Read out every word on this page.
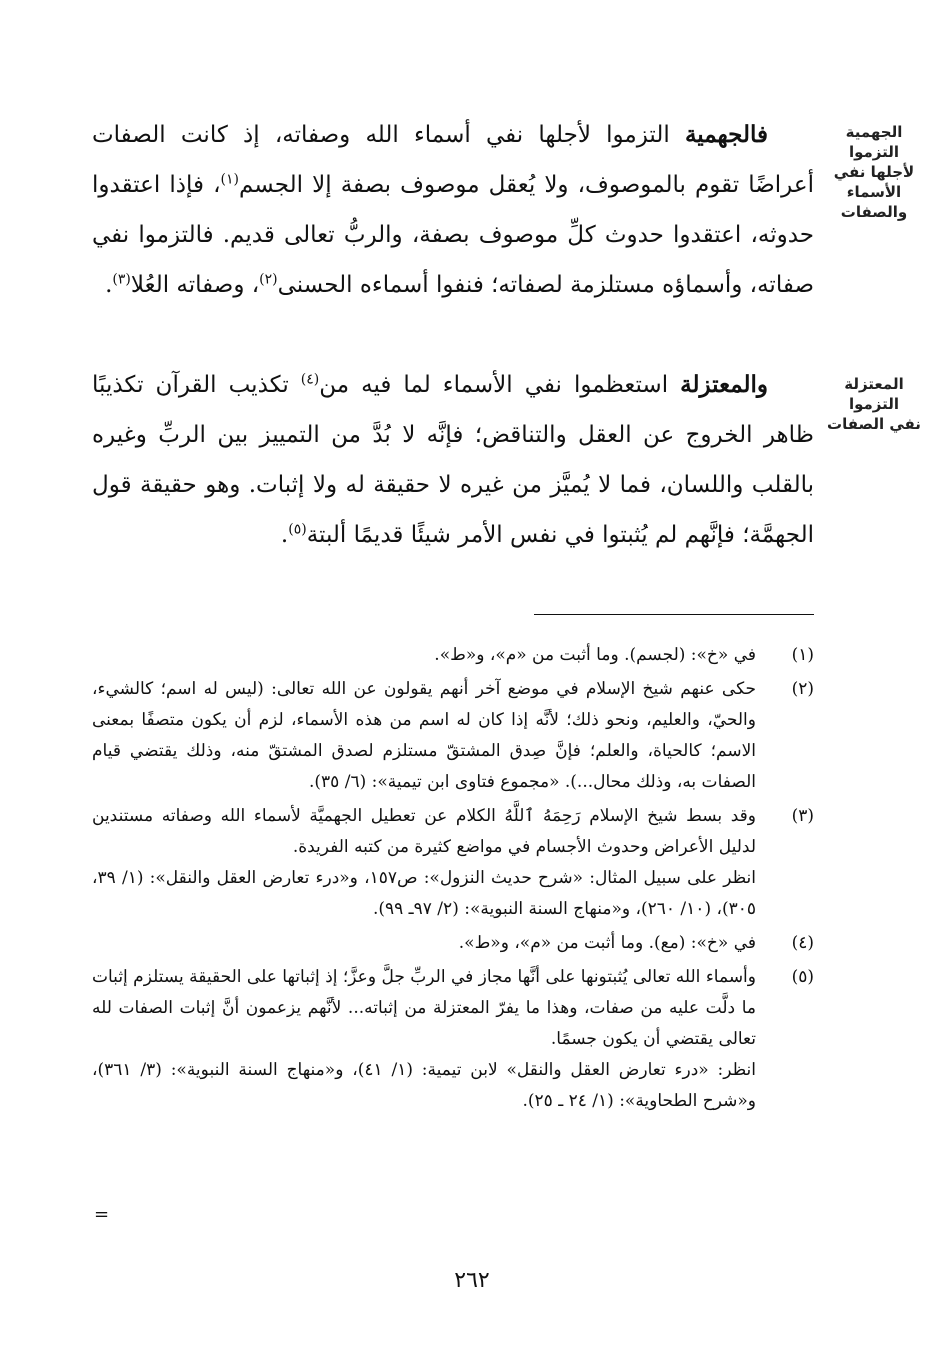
الجهمية التزموا
لأجلها نفي
الأسماء والصفات
المعتزلة التزموا
نفي الصفات

  فالجهمية التزموا لأجلها نفي أسماء الله وصفاته، إذ كانت الصفات أعراضًا تقوم بالموصوف، ولا يُعقل موصوف بصفة إلا الجسم$^{(١)}$، فإذا اعتقدوا حدوثه، اعتقدوا حدوث كلِّ موصوف بصفة، والربُّ تعالى قديم. فالتزموا نفي صفاته، وأسماؤه مستلزمة لصفاته؛ فنفوا أسماءه الحسنى$^{(٢)}$، وصفاته العُلا$^{(٣)}$.

  والمعتزلة استعظموا نفي الأسماء لما فيه من$^{(٤)}$ تكذيب القرآن تكذيبًا ظاهر الخروج عن العقل والتناقض؛ فإنَّه لا بُدَّ من التمييز بين الربِّ وغيره بالقلب واللسان، فما لا يُميَّز من غيره لا حقيقة له ولا إثبات. وهو حقيقة قول الجهمَّة؛ فإنَّهم لم يُثبتوا في نفس الأمر شيئًا قديمًا ألبتة$^{(٥)}$.

(١)

في «خ»: (لجسم). وما أثبت من «م»، و«ط».

(٢)

حكى عنهم شيخ الإسلام في موضع آخر أنهم يقولون عن الله تعالى: (ليس له اسم؛ كالشيء، والحيّ، والعليم، ونحو ذلك؛ لأنَّه إذا كان له اسم من هذه الأسماء، لزم أن يكون متصفًا بمعنى الاسم؛ كالحياة، والعلم؛ فإنَّ صِدق المشتقّ مستلزم لصدق المشتقّ منه، وذلك يقتضي قيام الصفات به، وذلك محال...). «مجموع فتاوى ابن تيمية»: (٦/ ٣٥).

(٣)

وقد بسط شيخ الإسلام رَحِمَهُ ٱللَّهُ الكلام عن تعطيل الجهميَّة لأسماء الله وصفاته مستندين لدليل الأعراض وحدوث الأجسام في مواضع كثيرة من كتبه الفريدة.

انظر على سبيل المثال: «شرح حديث النزول»: ص١٥٧، و«درء تعارض العقل والنقل»: (١/ ٣٩، ٣٠٥)، (١٠/ ٢٦٠)، و«منهاج السنة النبوية»: (٢/ ٩٧ـ ٩٩).

(٤)

في «خ»: (مع). وما أثبت من «م»، و«ط».

(٥)

وأسماء الله تعالى يُثبتونها على أنَّها مجاز في الربِّ جلَّ وعزَّ؛ إذ إثباتها على الحقيقة يستلزم إثبات ما دلَّت عليه من صفات، وهذا ما يفرّ المعتزلة من إثباته... لأنَّهم يزعمون أنَّ إثبات الصفات لله تعالى يقتضي أن يكون جسمًا.

انظر: «درء تعارض العقل والنقل» لابن تيمية: (١/ ٤١)، و«منهاج السنة النبوية»: (٣/ ٣٦١)، و«شرح الطحاوية»: (١/ ٢٤ ـ ٢٥).

=
٢٦٢
